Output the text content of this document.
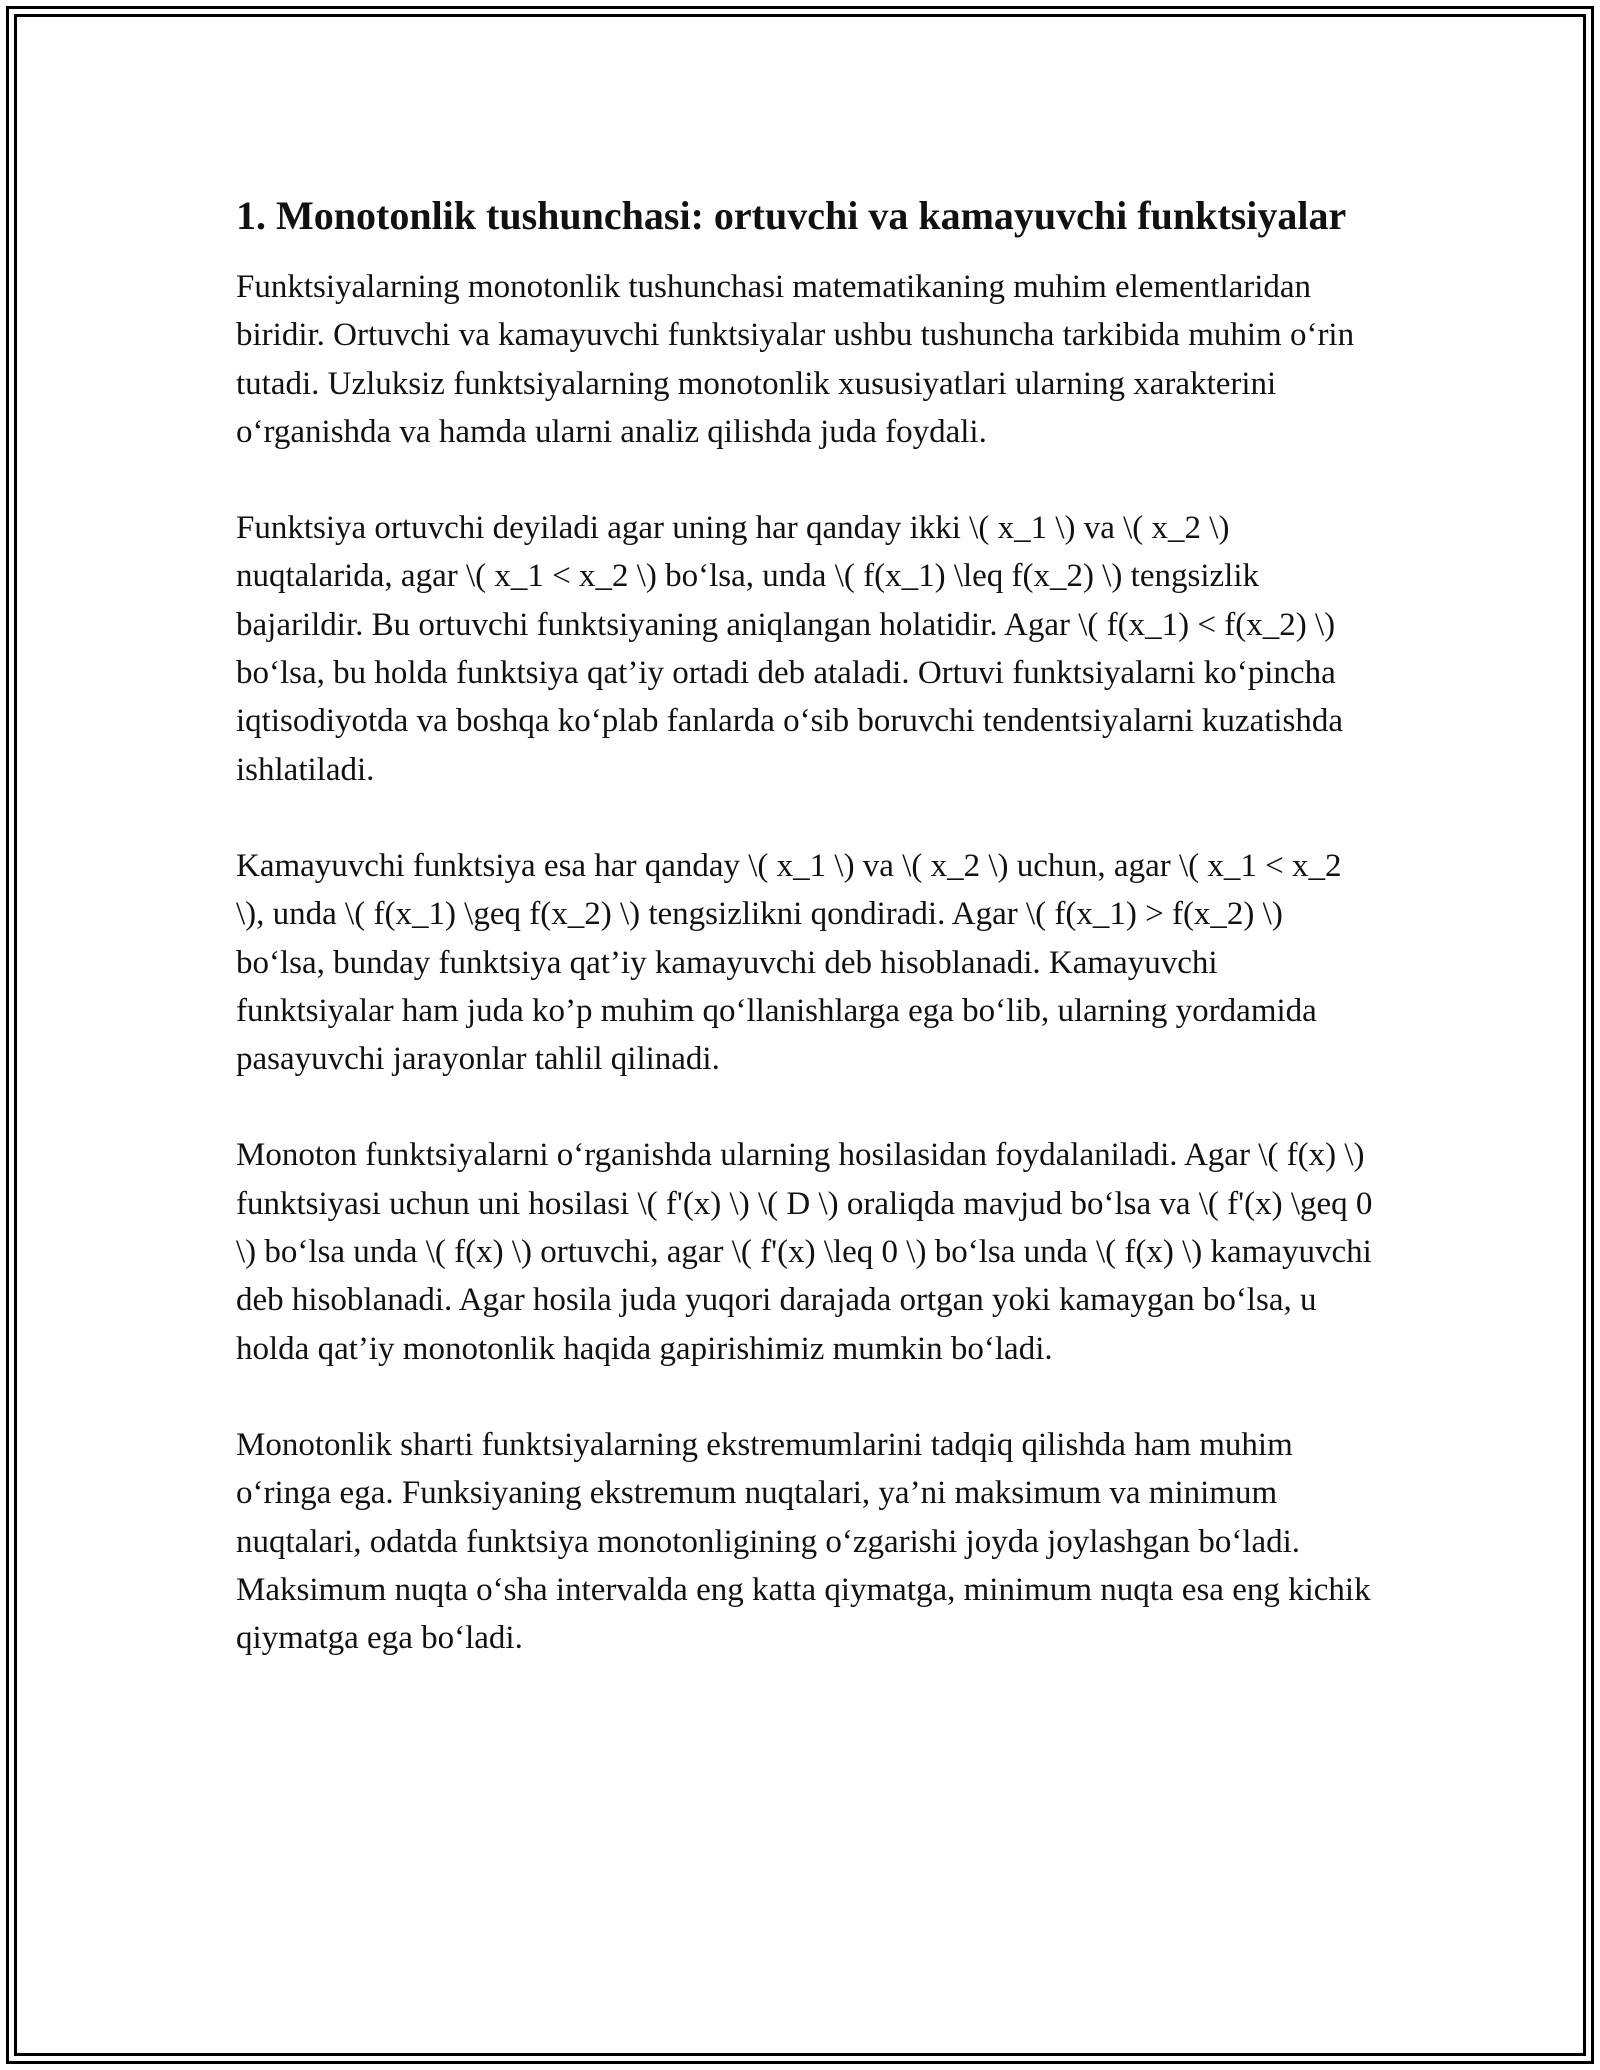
1. Monotonlik tushunchasi: ortuvchi va kamayuvchi funktsiyalar

Funktsiyalarning monotonlik tushunchasi matematikaning muhim elementlaridan biridir. Ortuvchi va kamayuvchi funktsiyalar ushbu tushuncha tarkibida muhim o‘rin tutadi. Uzluksiz funktsiyalarning monotonlik xususiyatlari ularning xarakterini o‘rganishda va hamda ularni analiz qilishda juda foydali.

Funktsiya ortuvchi deyiladi agar uning har qanday ikki \( x_1 \) va \( x_2 \) nuqtalarida, agar \( x_1 < x_2 \) bo‘lsa, unda \( f(x_1) \leq f(x_2) \) tengsizlik bajarildir. Bu ortuvchi funktsiyaning aniqlangan holatidir. Agar \( f(x_1) < f(x_2) \) bo‘lsa, bu holda funktsiya qat’iy ortadi deb ataladi. Ortuvi funktsiyalarni ko‘pincha iqtisodiyotda va boshqa ko‘plab fanlarda o‘sib boruvchi tendentsiyalarni kuzatishda ishlatiladi.

Kamayuvchi funktsiya esa har qanday \( x_1 \) va \( x_2 \) uchun, agar \( x_1 < x_2 \), unda \( f(x_1) \geq f(x_2) \) tengsizlikni qondiradi. Agar \( f(x_1) > f(x_2) \) bo‘lsa, bunday funktsiya qat’iy kamayuvchi deb hisoblanadi. Kamayuvchi funktsiyalar ham juda ko’p muhim qo‘llanishlarga ega bo‘lib, ularning yordamida pasayuvchi jarayonlar tahlil qilinadi.

Monoton funktsiyalarni o‘rganishda ularning hosilasidan foydalaniladi. Agar \( f(x) \) funktsiyasi uchun uni hosilasi \( f'(x) \) \( D \) oraliqda mavjud bo‘lsa va \( f'(x) \geq 0 \) bo‘lsa unda \( f(x) \) ortuvchi, agar \( f'(x) \leq 0 \) bo‘lsa unda \( f(x) \) kamayuvchi deb hisoblanadi. Agar hosila juda yuqori darajada ortgan yoki kamaygan bo‘lsa, u holda qat’iy monotonlik haqida gapirishimiz mumkin bo‘ladi.

Monotonlik sharti funktsiyalarning ekstremumlarini tadqiq qilishda ham muhim o‘ringa ega. Funksiyaning ekstremum nuqtalari, ya’ni maksimum va minimum nuqtalari, odatda funktsiya monotonligining o‘zgarishi joyda joylashgan bo‘ladi. Maksimum nuqta o‘sha intervalda eng katta qiymatga, minimum nuqta esa eng kichik qiymatga ega bo‘ladi.
